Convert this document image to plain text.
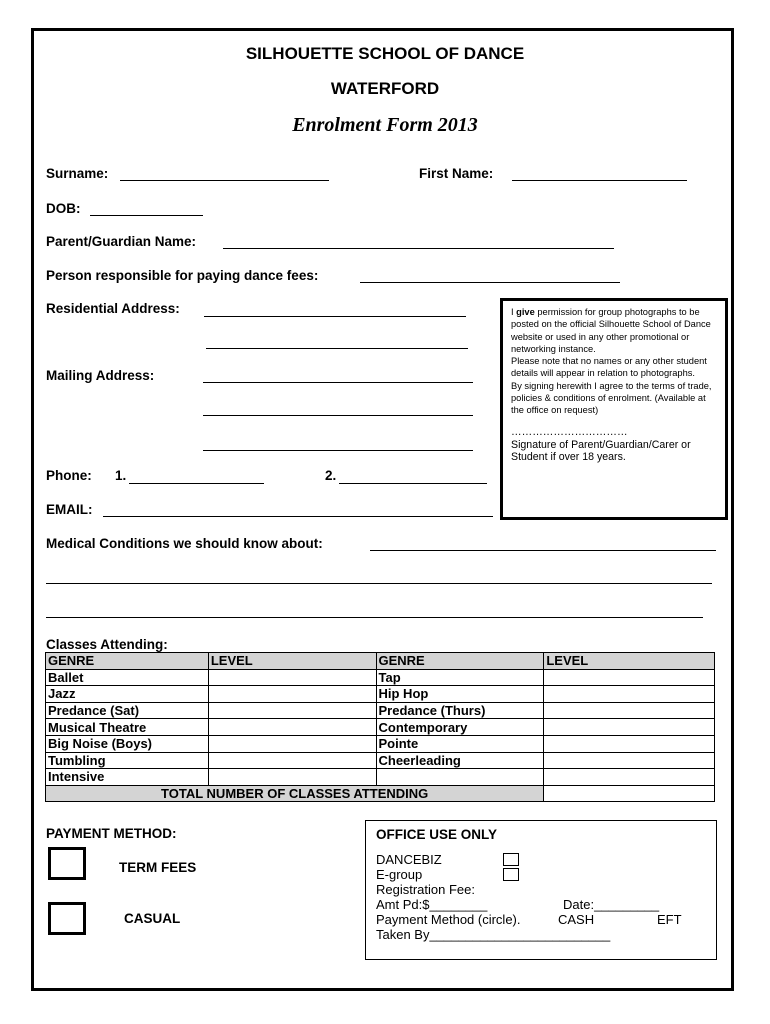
SILHOUETTE SCHOOL OF DANCE
WATERFORD
Enrolment Form 2013
Surname:	First Name:
DOB:
Parent/Guardian Name:
Person responsible for paying dance fees:
Residential Address:
Mailing Address:
Phone: 1.	2.
EMAIL:

I give permission for group photographs to be posted on the official Silhouette School of Dance website or used in any other promotional or networking instance.

Please note that no names or any other student details will appear in relation to photographs.

By signing herewith I agree to the terms of trade, policies & conditions of enrolment. (Available at the office on request)

……………………………

Signature of Parent/Guardian/Carer or Student if over 18 years.

Medical Conditions we should know about:
Classes Attending:
GENRE	LEVEL	GENRE	LEVEL
Ballet		Tap	
Jazz		Hip Hop	
Predance (Sat)		Predance (Thurs)	
Musical Theatre		Contemporary	
Big Noise (Boys)		Pointe	
Tumbling		Cheerleading	
Intensive			
TOTAL NUMBER OF CLASSES ATTENDING			
PAYMENT METHOD:
TERM FEES
CASUAL
OFFICE USE ONLY
DANCEBIZ
E-group
Registration Fee:
Amt Pd:$________	Date:_________
Payment Method (circle).	CASH	EFT
Taken By_________________________
